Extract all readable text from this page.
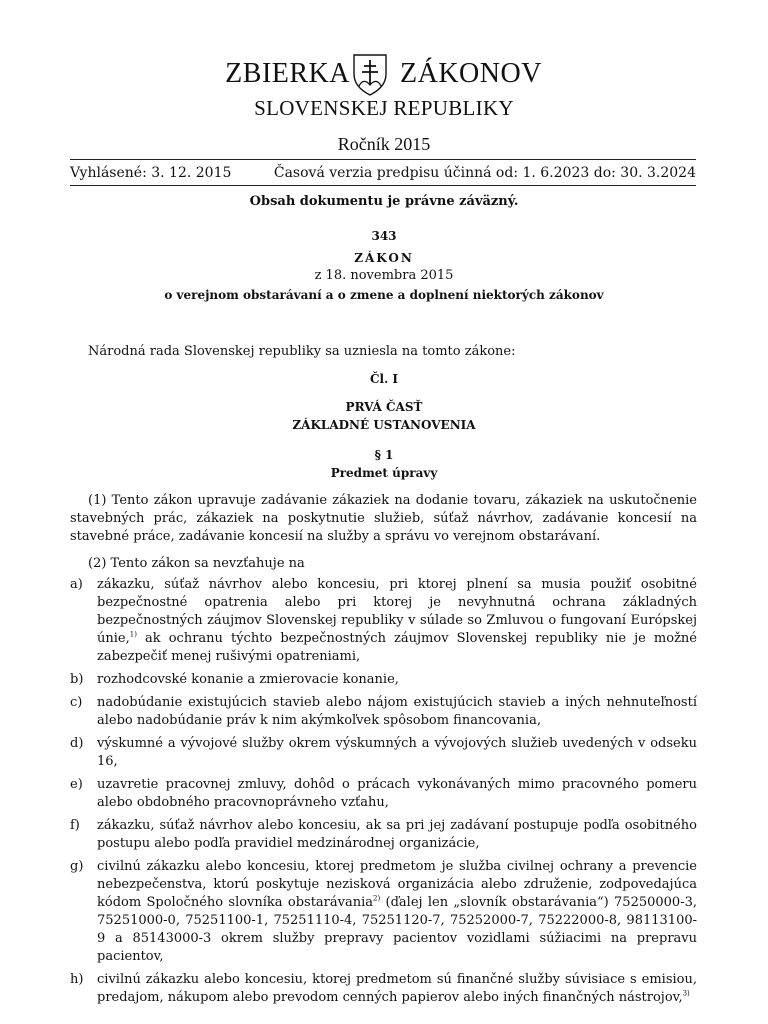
ZBIERKA ZÁKONOV
SLOVENSKEJ REPUBLIKY
Ročník 2015
Vyhlásené: 3. 12. 2015	Časová verzia predpisu účinná od: 1. 6.2023 do: 30. 3.2024
Obsah dokumentu je právne záväzný.
343
ZÁKON
z 18. novembra 2015
o verejnom obstarávaní a o zmene a doplnení niektorých zákonov
Národná rada Slovenskej republiky sa uzniesla na tomto zákone:
Čl. I
PRVÁ ČASŤ
ZÁKLADNÉ USTANOVENIA
§ 1
Predmet úpravy
(1) Tento zákon upravuje zadávanie zákaziek na dodanie tovaru, zákaziek na uskutočnenie stavebných prác, zákaziek na poskytnutie služieb, súťaž návrhov, zadávanie koncesií na stavebné práce, zadávanie koncesií na služby a správu vo verejnom obstarávaní.
(2) Tento zákon sa nevzťahuje na
a)	zákazku, súťaž návrhov alebo koncesiu, pri ktorej plnení sa musia použiť osobitné bezpečnostné opatrenia alebo pri ktorej je nevyhnutná ochrana základných bezpečnostných záujmov Slovenskej republiky v súlade so Zmluvou o fungovaní Európskej únie,$^{1)}$ ak ochranu týchto bezpečnostných záujmov Slovenskej republiky nie je možné zabezpečiť menej rušivými opatreniami,
b)	rozhodcovské konanie a zmierovacie konanie,
c)	nadobúdanie existujúcich stavieb alebo nájom existujúcich stavieb a iných nehnuteľností alebo nadobúdanie práv k nim akýmkoľvek spôsobom financovania,
d)	výskumné a vývojové služby okrem výskumných a vývojových služieb uvedených v odseku 16,
e)	uzavretie pracovnej zmluvy, dohôd o prácach vykonávaných mimo pracovného pomeru alebo obdobného pracovnoprávneho vzťahu,
f)	zákazku, súťaž návrhov alebo koncesiu, ak sa pri jej zadávaní postupuje podľa osobitného postupu alebo podľa pravidiel medzinárodnej organizácie,
g)	civilnú zákazku alebo koncesiu, ktorej predmetom je služba civilnej ochrany a prevencie nebezpečenstva, ktorú poskytuje nezisková organizácia alebo združenie, zodpovedajúca kódom Spoločného slovníka obstarávania$^{2)}$ (ďalej len „slovník obstarávania“) 75250000-3, 75251000-0, 75251100-1, 75251110-4, 75251120-7, 75252000-7, 75222000-8, 98113100-9 a 85143000-3 okrem služby prepravy pacientov vozidlami súžiacimi na prepravu pacientov,
h)	civilnú zákazku alebo koncesiu, ktorej predmetom sú finančné služby súvisiace s emisiou, predajom, nákupom alebo prevodom cenných papierov alebo iných finančných nástrojov,$^{3)}$
